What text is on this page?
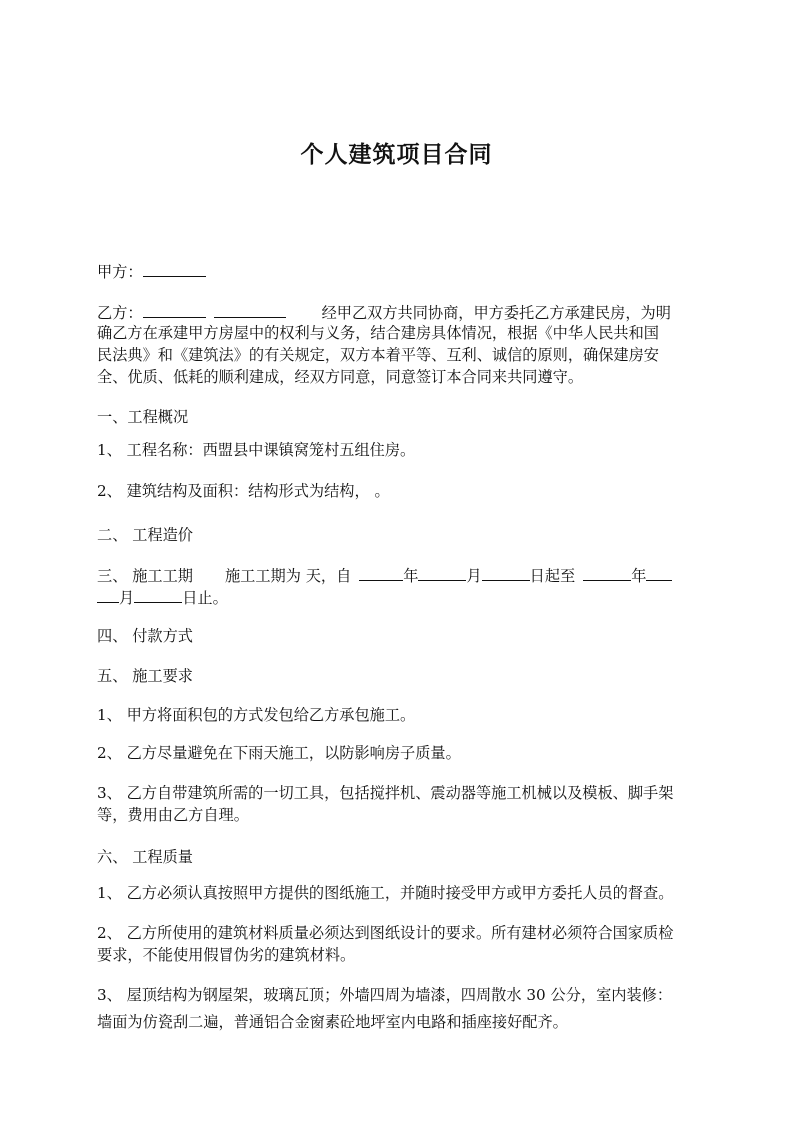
个人建筑项目合同
甲方：
乙方：	经甲乙双方共同协商，甲方委托乙方承建民房，为明
确乙方在承建甲方房屋中的权利与义务，结合建房具体情况，根据《中华人民共和国
民法典》和《建筑法》的有关规定，双方本着平等、互利、诚信的原则，确保建房安
全、优质、低耗的顺利建成，经双方同意，同意签订本合同来共同遵守。
一、工程概况
1、 工程名称：西盟县中课镇窝笼村五组住房。
2、 建筑结构及面积：结构形式为结构， 。
二、 工程造价
三、 施工工期 施工工期为 天，自	年	月	日起至	年
月	日止。
四、 付款方式
五、 施工要求
1、 甲方将面积包的方式发包给乙方承包施工。
2、 乙方尽量避免在下雨天施工，以防影响房子质量。
3、 乙方自带建筑所需的一切工具，包括搅拌机、震动器等施工机械以及模板、脚手架
等，费用由乙方自理。
六、 工程质量
1、 乙方必须认真按照甲方提供的图纸施工，并随时接受甲方或甲方委托人员的督查。
2、 乙方所使用的建筑材料质量必须达到图纸设计的要求。所有建材必须符合国家质检
要求，不能使用假冒伪劣的建筑材料。
3、 屋顶结构为钢屋架，玻璃瓦顶；外墙四周为墙漆，四周散水 30 公分，室内装修：
墙面为仿瓷刮二遍，普通铝合金窗素砼地坪室内电路和插座接好配齐。
